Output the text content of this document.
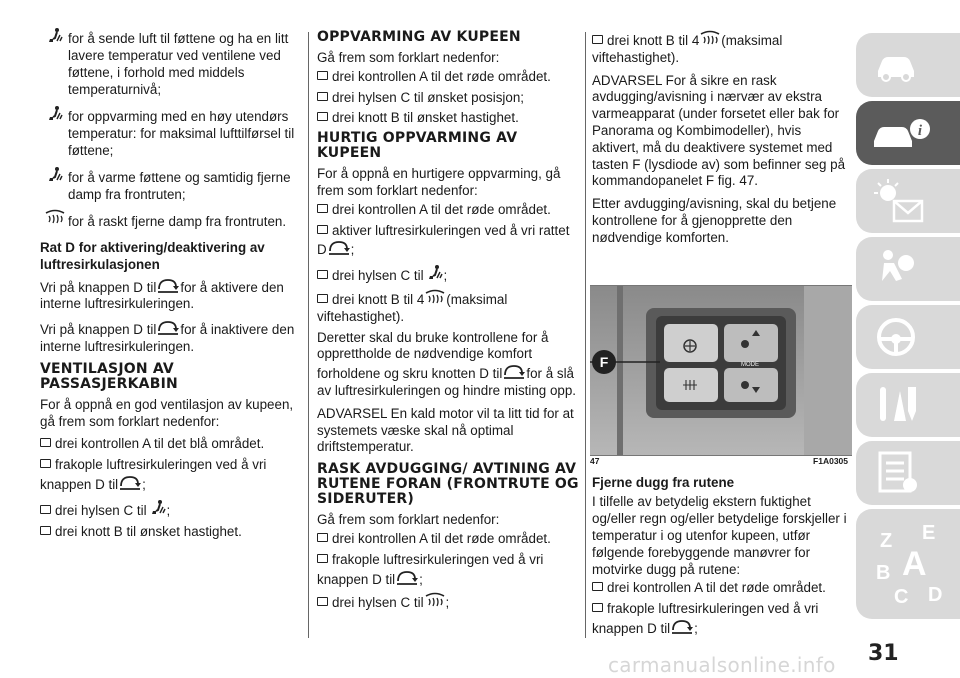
for å sende luft til føttene og ha en litt lavere temperatur ved ventilene ved føttene, i forhold med middels temperaturnivå;
for oppvarming med en høy utendørs temperatur: for maksimal lufttilførsel til føttene;
for å varme føttene og samtidig fjerne damp fra frontruten;
for å raskt fjerne damp fra frontruten.
Rat D for aktivering/deaktivering av luftresirkulasjonen

Vri på knappen D til for å aktivere den interne luftresirkuleringen.

Vri på knappen D til for å inaktivere den interne luftresirkuleringen.

VENTILASJON AV PASSASJERKABIN

For å oppnå en god ventilasjon av kupeen, gå frem som forklart nedenfor:

drei kontrollen A til det blå området.
frakople luftresirkuleringen ved å vri knappen D til ;
drei hylsen C til ;
drei knott B til ønsket hastighet.
OPPVARMING AV KUPEEN

Gå frem som forklart nedenfor:

drei kontrollen A til det røde området.
drei hylsen C til ønsket posisjon;
drei knott B til ønsket hastighet.
HURTIG OPPVARMING AV KUPEEN

For å oppnå en hurtigere oppvarming, gå frem som forklart nedenfor:

drei kontrollen A til det røde området.
aktiver luftresirkuleringen ved å vri rattet D ;
drei hylsen C til ;
drei knott B til 4 (maksimal viftehastighet).

Deretter skal du bruke kontrollene for å opprettholde de nødvendige komfort forholdene og skru knotten D til for å slå av luftresirkuleringen og hindre misting opp.

ADVARSEL En kald motor vil ta litt tid for at systemets væske skal nå optimal driftstemperatur.

RASK AVDUGGING/ AVTINING AV RUTENE FORAN (FRONTRUTE OG SIDERUTER)

Gå frem som forklart nedenfor:

drei kontrollen A til det røde området.
frakople luftresirkuleringen ved å vri knappen D til ;
drei hylsen C til ;
drei knott B til 4 (maksimal viftehastighet).

ADVARSEL For å sikre en rask avdugging/avisning i nærvær av ekstra varmeapparat (under forsetet eller bak for Panorama og Kombimodeller), hvis aktivert, må du deaktivere systemet med tasten F (lysdiode av) som befinner seg på kommandopanelet F fig. 47.

Etter avdugging/avisning, skal du betjene kontrollene for å gjenopprette den nødvendige komforten.

F	MODE
47	F1A0305
Fjerne dugg fra rutene

I tilfelle av betydelig ekstern fuktighet og/eller regn og/eller betydelige forskjeller i temperatur i og utenfor kupeen, utfør følgende forebyggende manøvrer for motvirke dugg på rutene:

drei kontrollen A til det røde området.
frakople luftresirkuleringen ved å vri knappen D til ;
i
Z E
B
C
A
D
31
carmanualsonline.info
